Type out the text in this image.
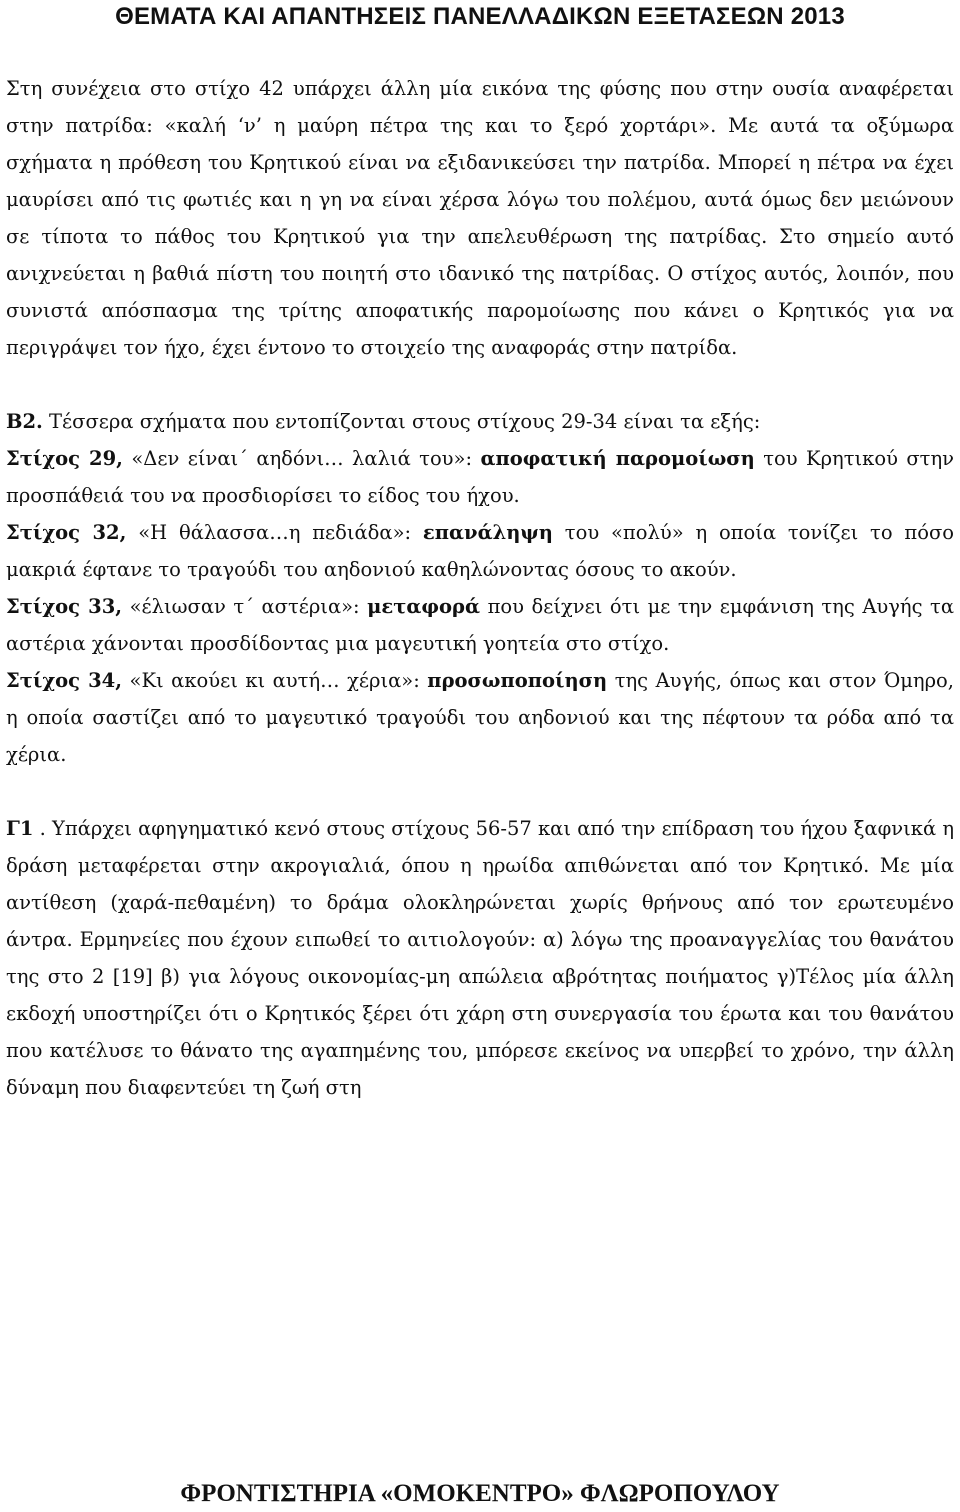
ΘΕΜΑΤΑ ΚΑΙ ΑΠΑΝΤΗΣΕΙΣ ΠΑΝΕΛΛΑΔΙΚΩΝ ΕΞΕΤΑΣΕΩΝ 2013

Στη συνέχεια στο στίχο 42 υπάρχει άλλη μία εικόνα της φύσης που στην ουσία αναφέρεται στην πατρίδα: «καλή ‘ν’ η μαύρη πέτρα της και το ξερό χορτάρι». Με αυτά τα οξύμωρα σχήματα η πρόθεση του Κρητικού είναι να εξιδανικεύσει την πατρίδα. Μπορεί η πέτρα να έχει μαυρίσει από τις φωτιές και η γη να είναι χέρσα λόγω του πολέμου, αυτά όμως δεν μειώνουν σε τίποτα το πάθος του Κρητικού για την απελευθέρωση της πατρίδας. Στο σημείο αυτό ανιχνεύεται η βαθιά πίστη του ποιητή στο ιδανικό της πατρίδας. Ο στίχος αυτός, λοιπόν, που συνιστά απόσπασμα της τρίτης αποφατικής παρομοίωσης που κάνει ο Κρητικός για να περιγράψει τον ήχο, έχει έντονο το στοιχείο της αναφοράς στην πατρίδα.

Β2. Τέσσερα σχήματα που εντοπίζονται στους στίχους 29-34 είναι τα εξής:

Στίχος 29, «Δεν είναι΄ αηδόνι… λαλιά του»: αποφατική παρομοίωση του Κρητικού στην προσπάθειά του να προσδιορίσει το είδος του ήχου.

Στίχος 32, «Η θάλασσα…η πεδιάδα»: επανάληψη του «πολύ» η οποία τονίζει το πόσο μακριά έφτανε το τραγούδι του αηδονιού καθηλώνοντας όσους το ακούν.

Στίχος 33, «έλιωσαν τ΄ αστέρια»: μεταφορά που δείχνει ότι με την εμφάνιση της Αυγής τα αστέρια χάνονται προσδίδοντας μια μαγευτική γοητεία στο στίχο.

Στίχος 34, «Κι ακούει κι αυτή… χέρια»: προσωποποίηση της Αυγής, όπως και στον Όμηρο, η οποία σαστίζει από το μαγευτικό τραγούδι του αηδονιού και της πέφτουν τα ρόδα από τα χέρια.

Γ1 . Υπάρχει αφηγηματικό κενό στους στίχους 56-57 και από την επίδραση του ήχου ξαφνικά η δράση μεταφέρεται στην ακρογιαλιά, όπου η ηρωίδα απιθώνεται από τον Κρητικό. Με μία αντίθεση (χαρά-πεθαμένη) το δράμα ολοκληρώνεται χωρίς θρήνους από τον ερωτευμένο άντρα. Ερμηνείες που έχουν ειπωθεί το αιτιολογούν: α) λόγω της προαναγγελίας του θανάτου της στο 2 [19] β) για λόγους οικονομίας-μη απώλεια αβρότητας ποιήματος γ)Τέλος μία άλλη εκδοχή υποστηρίζει ότι ο Κρητικός ξέρει ότι χάρη στη συνεργασία του έρωτα και του θανάτου που κατέλυσε το θάνατο της αγαπημένης του, μπόρεσε εκείνος να υπερβεί το χρόνο, την άλλη δύναμη που διαφεντεύει τη ζωή στη

ΦΡΟΝΤΙΣΤΗΡΙΑ «ΟΜΟΚΕΝΤΡΟ» ΦΛΩΡΟΠΟΥΛΟΥ
